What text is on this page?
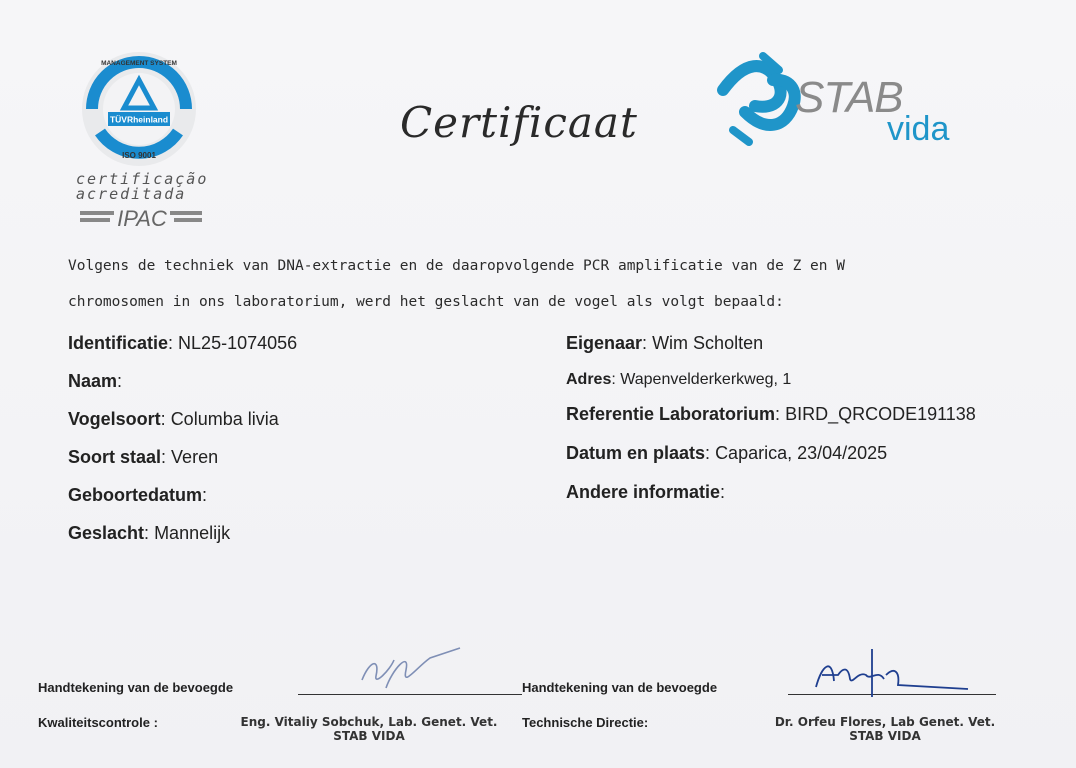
TÜVRheinland
MANAGEMENT SYSTEM
ISO 9001
certificação
acreditada
IPAC
Certificaat
STAB
vida
Volgens de techniek van DNA-extractie en de daaropvolgende PCR amplificatie van de Z en W
chromosomen in ons laboratorium, werd het geslacht van de vogel als volgt bepaald:
Identificatie: NL25-1074056
Naam:
Vogelsoort: Columba livia
Soort staal: Veren
Geboortedatum:
Geslacht: Mannelijk
Eigenaar: Wim Scholten
Adres: Wapenvelderkerkweg, 1
Referentie Laboratorium: BIRD_QRCODE191138
Datum en plaats: Caparica, 23/04/2025
Andere informatie:
Handtekening van de bevoegde
Kwaliteitscontrole :	Eng. Vitaliy Sobchuk, Lab. Genet. Vet.
STAB VIDA
Handtekening van de bevoegde
Technische Directie:	Dr. Orfeu Flores, Lab Genet. Vet.
STAB VIDA
